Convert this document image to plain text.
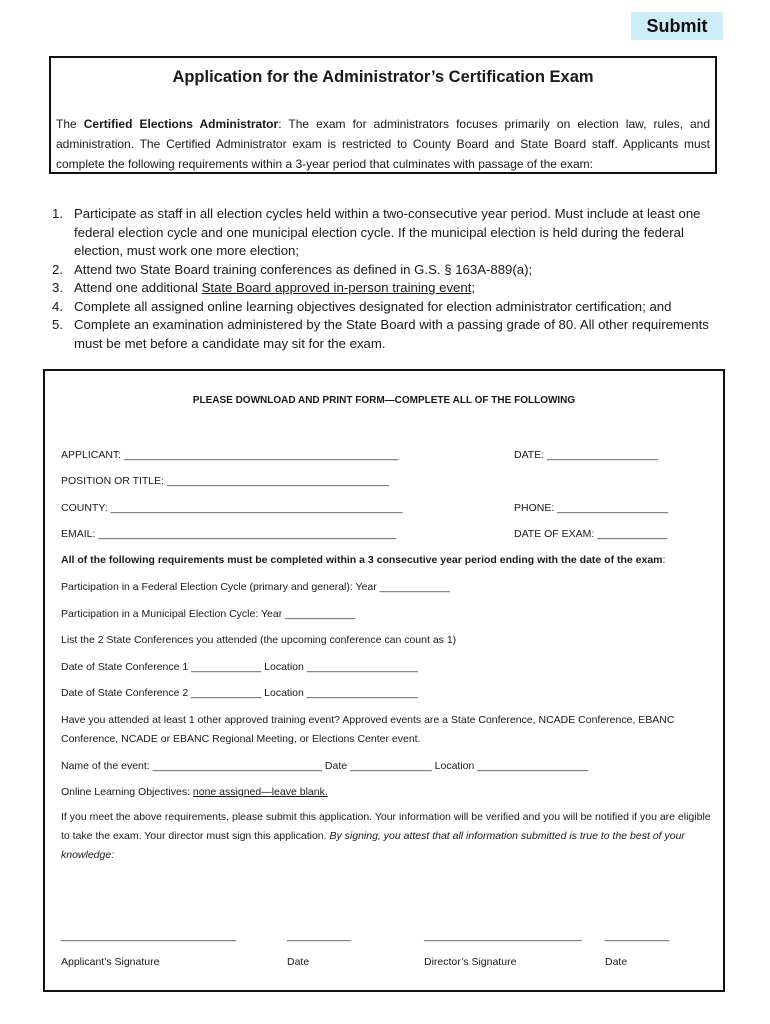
Submit
Application for the Administrator’s Certification Exam

The Certified Elections Administrator: The exam for administrators focuses primarily on election law, rules, and administration. The Certified Administrator exam is restricted to County Board and State Board staff. Applicants must complete the following requirements within a 3-year period that culminates with passage of the exam:

1. Participate as staff in all election cycles held within a two-consecutive year period. Must include at least one federal election cycle and one municipal election cycle. If the municipal election is held during the federal election, must work one more election;
2. Attend two State Board training conferences as defined in G.S. § 163A-889(a);
3. Attend one additional State Board approved in-person training event;
4. Complete all assigned online learning objectives designated for election administrator certification; and
5. Complete an examination administered by the State Board with a passing grade of 80. All other requirements must be met before a candidate may sit for the exam.

PLEASE DOWNLOAD AND PRINT FORM—COMPLETE ALL OF THE FOLLOWING

APPLICANT: _______________________________________________	DATE: ___________________

POSITION OR TITLE: ______________________________________

COUNTY: __________________________________________________	PHONE: ___________________

EMAIL: ___________________________________________________	DATE OF EXAM: ____________

All of the following requirements must be completed within a 3 consecutive year period ending with the date of the exam:

Participation in a Federal Election Cycle (primary and general): Year ____________

Participation in a Municipal Election Cycle: Year ____________

List the 2 State Conferences you attended (the upcoming conference can count as 1)

Date of State Conference 1 ____________ Location ___________________

Date of State Conference 2 ____________ Location ___________________

Have you attended at least 1 other approved training event? Approved events are a State Conference, NCADE Conference, EBANC Conference, NCADE or EBANC Regional Meeting, or Elections Center event.

Name of the event: _____________________________ Date ______________ Location ___________________

Online Learning Objectives: none assigned—leave blank.

If you meet the above requirements, please submit this application. Your information will be verified and you will be notified if you are eligible to take the exam. Your director must sign this application. By signing, you attest that all information submitted is true to the best of your knowledge:

______________________________	___________	___________________________ ___________

Applicant’s Signature	Date	Director’s Signature	Date
